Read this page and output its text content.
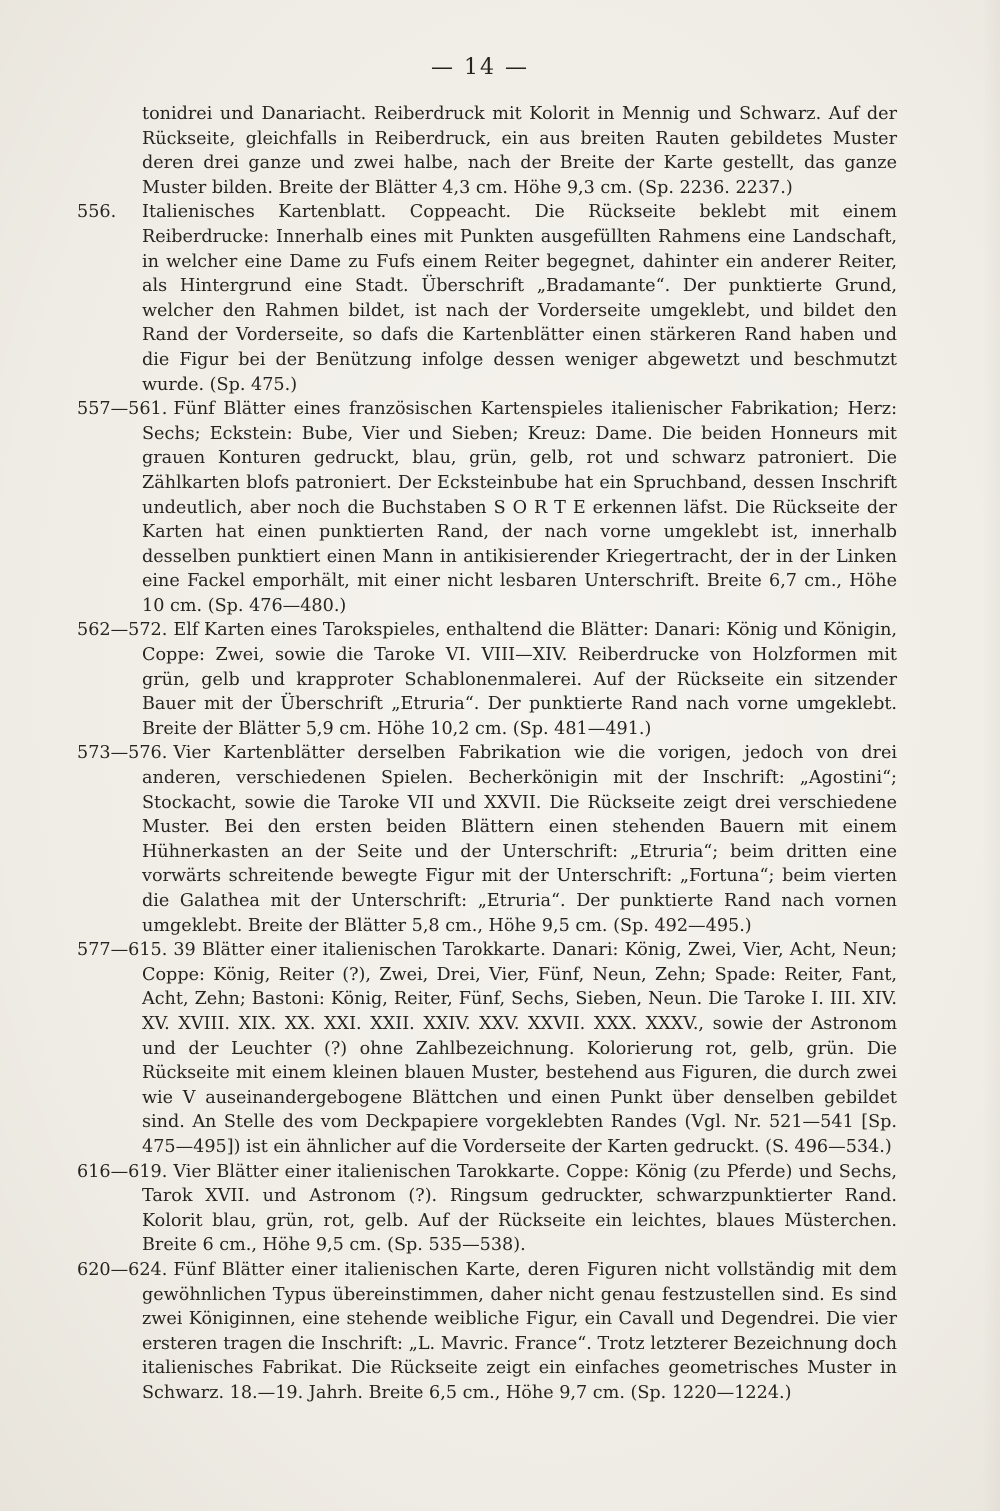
— 14 —

tonidrei und Danariacht. Reiberdruck mit Kolorit in Mennig und Schwarz. Auf der Rückseite, gleichfalls in Reiberdruck, ein aus breiten Rauten gebildetes Muster deren drei ganze und zwei halbe, nach der Breite der Karte gestellt, das ganze Muster bilden. Breite der Blätter 4,3 cm. Höhe 9,3 cm. (Sp. 2236. 2237.)

556. Italienisches Kartenblatt. Coppeacht. Die Rückseite beklebt mit einem Reiberdrucke: Innerhalb eines mit Punkten ausgefüllten Rahmens eine Landschaft, in welcher eine Dame zu Fufs einem Reiter begegnet, dahinter ein anderer Reiter, als Hintergrund eine Stadt. Überschrift „Bradamante“. Der punktierte Grund, welcher den Rahmen bildet, ist nach der Vorderseite umgeklebt, und bildet den Rand der Vorderseite, so dafs die Kartenblätter einen stärkeren Rand haben und die Figur bei der Benützung infolge dessen weniger abgewetzt und beschmutzt wurde. (Sp. 475.)

557—561. Fünf Blätter eines französischen Kartenspieles italienischer Fabrikation; Herz: Sechs; Eckstein: Bube, Vier und Sieben; Kreuz: Dame. Die beiden Honneurs mit grauen Konturen gedruckt, blau, grün, gelb, rot und schwarz patroniert. Die Zählkarten blofs patroniert. Der Ecksteinbube hat ein Spruchband, dessen Inschrift undeutlich, aber noch die Buchstaben S O R T E erkennen läfst. Die Rückseite der Karten hat einen punktierten Rand, der nach vorne umgeklebt ist, innerhalb desselben punktiert einen Mann in antikisierender Kriegertracht, der in der Linken eine Fackel emporhält, mit einer nicht lesbaren Unterschrift. Breite 6,7 cm., Höhe 10 cm. (Sp. 476—480.)

562—572. Elf Karten eines Tarokspieles, enthaltend die Blätter: Danari: König und Königin, Coppe: Zwei, sowie die Taroke VI. VIII—XIV. Reiberdrucke von Holzformen mit grün, gelb und krapproter Schablonenmalerei. Auf der Rückseite ein sitzender Bauer mit der Überschrift „Etruria“. Der punktierte Rand nach vorne umgeklebt. Breite der Blätter 5,9 cm. Höhe 10,2 cm. (Sp. 481—491.)

573—576. Vier Kartenblätter derselben Fabrikation wie die vorigen, jedoch von drei anderen, verschiedenen Spielen. Becherkönigin mit der Inschrift: „Agostini“; Stockacht, sowie die Taroke VII und XXVII. Die Rückseite zeigt drei verschiedene Muster. Bei den ersten beiden Blättern einen stehenden Bauern mit einem Hühnerkasten an der Seite und der Unterschrift: „Etruria“; beim dritten eine vorwärts schreitende bewegte Figur mit der Unterschrift: „Fortuna“; beim vierten die Galathea mit der Unterschrift: „Etruria“. Der punktierte Rand nach vornen umgeklebt. Breite der Blätter 5,8 cm., Höhe 9,5 cm. (Sp. 492—495.)

577—615. 39 Blätter einer italienischen Tarokkarte. Danari: König, Zwei, Vier, Acht, Neun; Coppe: König, Reiter (?), Zwei, Drei, Vier, Fünf, Neun, Zehn; Spade: Reiter, Fant, Acht, Zehn; Bastoni: König, Reiter, Fünf, Sechs, Sieben, Neun. Die Taroke I. III. XIV. XV. XVIII. XIX. XX. XXI. XXII. XXIV. XXV. XXVII. XXX. XXXV., sowie der Astronom und der Leuchter (?) ohne Zahlbezeichnung. Kolorierung rot, gelb, grün. Die Rückseite mit einem kleinen blauen Muster, bestehend aus Figuren, die durch zwei wie V auseinandergebogene Blättchen und einen Punkt über denselben gebildet sind. An Stelle des vom Deckpapiere vorgeklebten Randes (Vgl. Nr. 521—541 [Sp. 475—495]) ist ein ähnlicher auf die Vorderseite der Karten gedruckt. (S. 496—534.)

616—619. Vier Blätter einer italienischen Tarokkarte. Coppe: König (zu Pferde) und Sechs, Tarok XVII. und Astronom (?). Ringsum gedruckter, schwarzpunktierter Rand. Kolorit blau, grün, rot, gelb. Auf der Rückseite ein leichtes, blaues Müsterchen. Breite 6 cm., Höhe 9,5 cm. (Sp. 535—538).

620—624. Fünf Blätter einer italienischen Karte, deren Figuren nicht vollständig mit dem gewöhnlichen Typus übereinstimmen, daher nicht genau festzustellen sind. Es sind zwei Königinnen, eine stehende weibliche Figur, ein Cavall und Degendrei. Die vier ersteren tragen die Inschrift: „L. Mavric. France“. Trotz letzterer Bezeichnung doch italienisches Fabrikat. Die Rückseite zeigt ein einfaches geometrisches Muster in Schwarz. 18.—19. Jahrh. Breite 6,5 cm., Höhe 9,7 cm. (Sp. 1220—1224.)
